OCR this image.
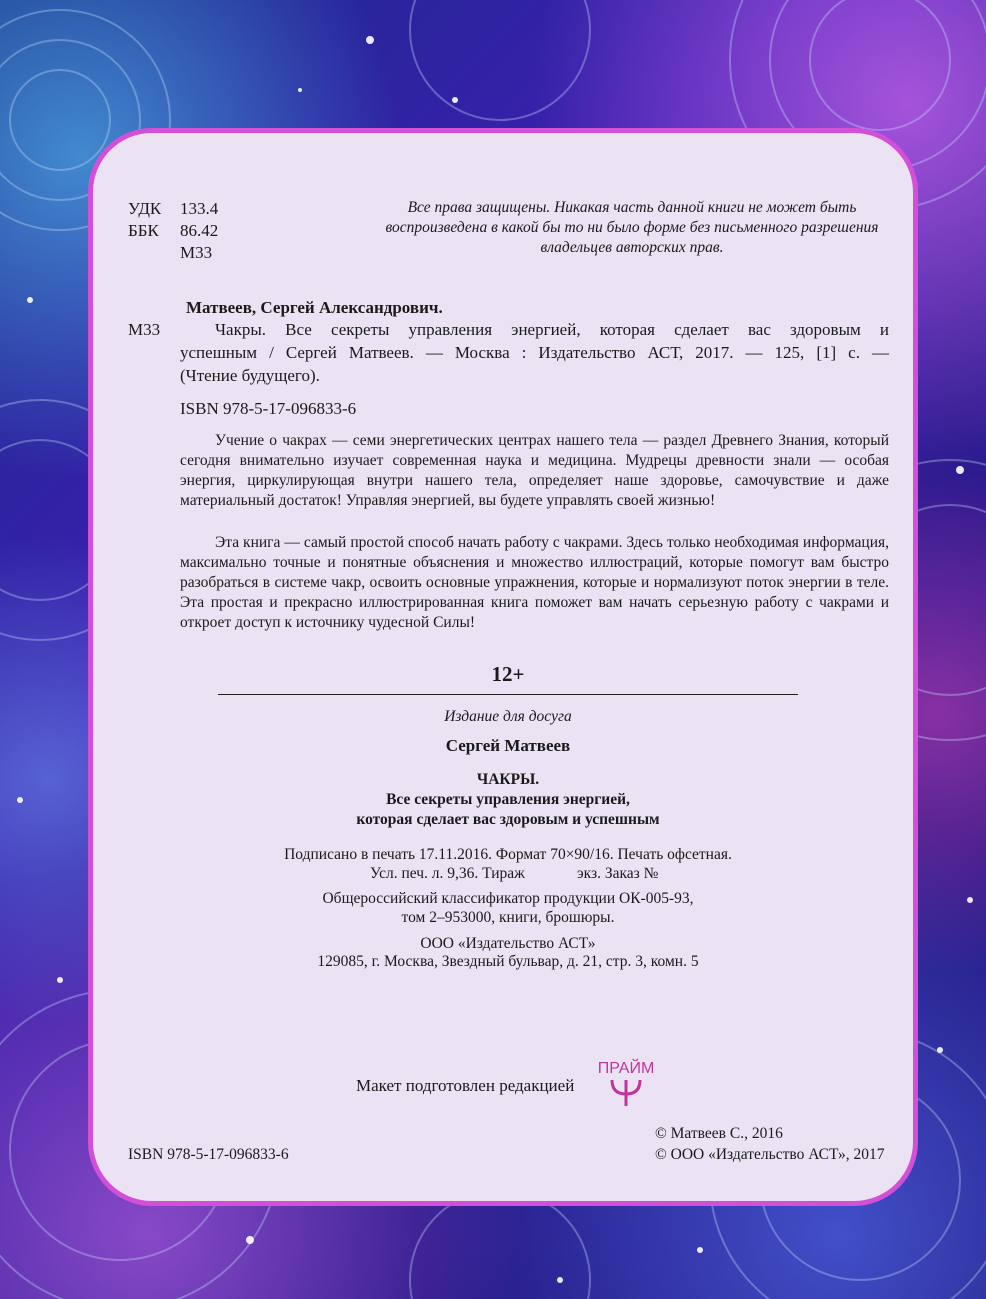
УДК 133.4
ББК 86.42
М33
Все права защищены. Никакая часть данной книги не может быть воспроизведена в какой бы то ни было форме без письменного разрешения владельцев авторских прав.
Матвеев, Сергей Александрович.
М33	Чакры. Все секреты управления энергией, которая сделает вас здоровым и
успешным / Сергей Матвеев. — Москва : Издательство АСТ, 2017. — 125, [1] с. —
(Чтение будущего).
ISBN 978-5-17-096833-6
Учение о чакрах — семи энергетических центрах нашего тела — раздел Древнего Знания, который сегодня внимательно изучает современная наука и медицина. Мудрецы древности знали — особая энергия, циркулирующая внутри нашего тела, определяет наше здоровье, самочувствие и даже материальный достаток! Управляя энергией, вы будете управлять своей жизнью!
Эта книга — самый простой способ начать работу с чакрами. Здесь только необходимая информация, максимально точные и понятные объяснения и множество иллюстраций, которые помогут вам быстро разобраться в системе чакр, освоить основные упражнения, которые и нормализуют поток энергии в теле. Эта простая и прекрасно иллюстрированная книга поможет вам начать серьезную работу с чакрами и откроет доступ к источнику чудесной Силы!
12+
Издание для досуга
Сергей Матвеев
ЧАКРЫ.
Все секреты управления энергией,
которая сделает вас здоровым и успешным
Подписано в печать 17.11.2016. Формат 70×90/16. Печать офсетная.
Усл. печ. л. 9,36. Тираж	экз. Заказ №
Общероссийский классификатор продукции ОК-005-93,
том 2–953000, книги, брошюры.
ООО «Издательство АСТ»
129085, г. Москва, Звездный бульвар, д. 21, стр. 3, комн. 5
Макет подготовлен редакцией
ПРАЙМ
ISBN 978-5-17-096833-6
© Матвеев С., 2016
© ООО «Издательство АСТ», 2017
